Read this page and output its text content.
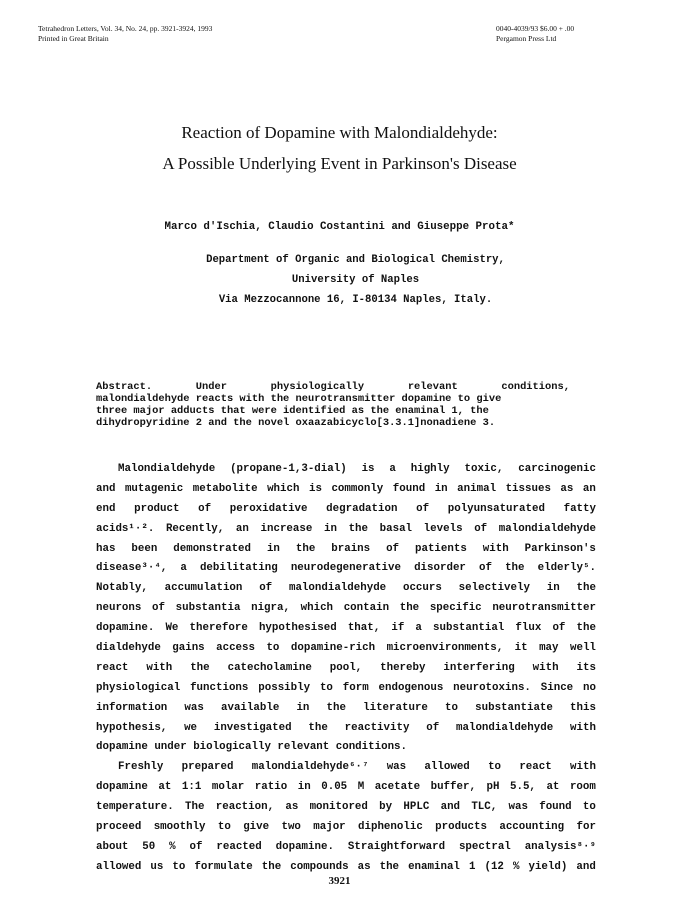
Tetrahedron Letters, Vol. 34, No. 24, pp. 3921-3924, 1993
Printed in Great Britain
0040-4039/93 $6.00 + .00
Pergamon Press Ltd
Reaction of Dopamine with Malondialdehyde:
A Possible Underlying Event in Parkinson's Disease
Marco d'Ischia, Claudio Costantini and Giuseppe Prota*
Department of Organic and Biological Chemistry,
University of Naples
Via Mezzocannone 16, I-80134 Naples, Italy.
Abstract.	Under	physiologically	relevant	conditions,
malondialdehyde reacts with the neurotransmitter dopamine to give
three major adducts that were identified as the enaminal 1, the
dihydropyridine 2 and the novel oxaazabicyclo[3.3.1]nonadiene 3.
Malondialdehyde (propane-1,3-dial) is a highly toxic, carcinogenic
and mutagenic metabolite which is commonly found in animal tissues as an
end product of peroxidative degradation of polyunsaturated fatty
acids¹·². Recently, an increase in the basal levels of malondialdehyde
has been demonstrated in the brains of patients with Parkinson's
disease³·⁴, a debilitating neurodegenerative disorder of the elderly⁵.
Notably, accumulation of malondialdehyde occurs selectively in the
neurons of substantia nigra, which contain the specific neurotransmitter
dopamine. We therefore hypothesised that, if a substantial flux of the
dialdehyde gains access to dopamine-rich microenvironments, it may well
react with the catecholamine pool, thereby interfering with its
physiological functions possibly to form endogenous neurotoxins. Since no
information was available in the literature to substantiate this
hypothesis, we investigated the reactivity of malondialdehyde with
dopamine under biologically relevant conditions.
Freshly prepared malondialdehyde⁶·⁷ was allowed to react with
dopamine at 1:1 molar ratio in 0.05 M acetate buffer, pH 5.5, at room
temperature. The reaction, as monitored by HPLC and TLC, was found to
proceed smoothly to give two major diphenolic products accounting for
about 50 % of reacted dopamine. Straightforward spectral analysis⁸·⁹
allowed us to formulate the compounds as the enaminal 1 (12 % yield) and
3921
